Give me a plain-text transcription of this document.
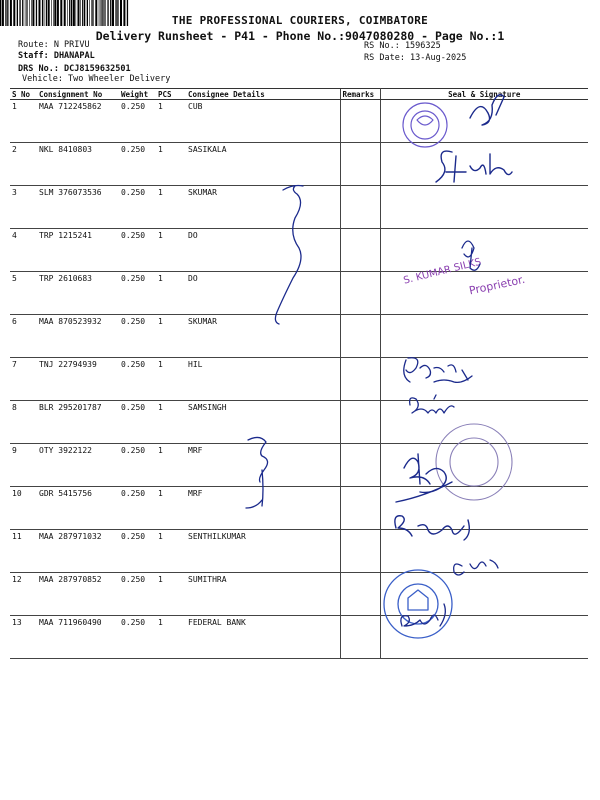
THE PROFESSIONAL COURIERS, COIMBATORE
Delivery Runsheet - P41 - Phone No.:9047080280 - Page No.:1
Route: N PRIVU
Staff: DHANAPAL
DRS No.: DCJ8159632501
Vehicle: Two Wheeler Delivery
RS No.: 1596325
RS Date: 13-Aug-2025
S No	Consignment No	Weight	PCS	Consignee Details	Remarks	Seal & Signature
1	MAA 712245862	0.250	1	CUB		
2	NKL 8410803	0.250	1	SASIKALA		
3	SLM 376073536	0.250	1	SKUMAR		
4	TRP 1215241	0.250	1	DO		
5	TRP 2610683	0.250	1	DO		
6	MAA 870523932	0.250	1	SKUMAR		
7	TNJ 22794939	0.250	1	HIL		
8	BLR 295201787	0.250	1	SAMSINGH		
9	OTY 3922122	0.250	1	MRF		
10	GDR 5415756	0.250	1	MRF		
11	MAA 287971032	0.250	1	SENTHILKUMAR		
12	MAA 287970852	0.250	1	SUMITHRA		
13	MAA 711960490	0.250	1	FEDERAL BANK		
S. KUMAR SILKS
Proprietor.
